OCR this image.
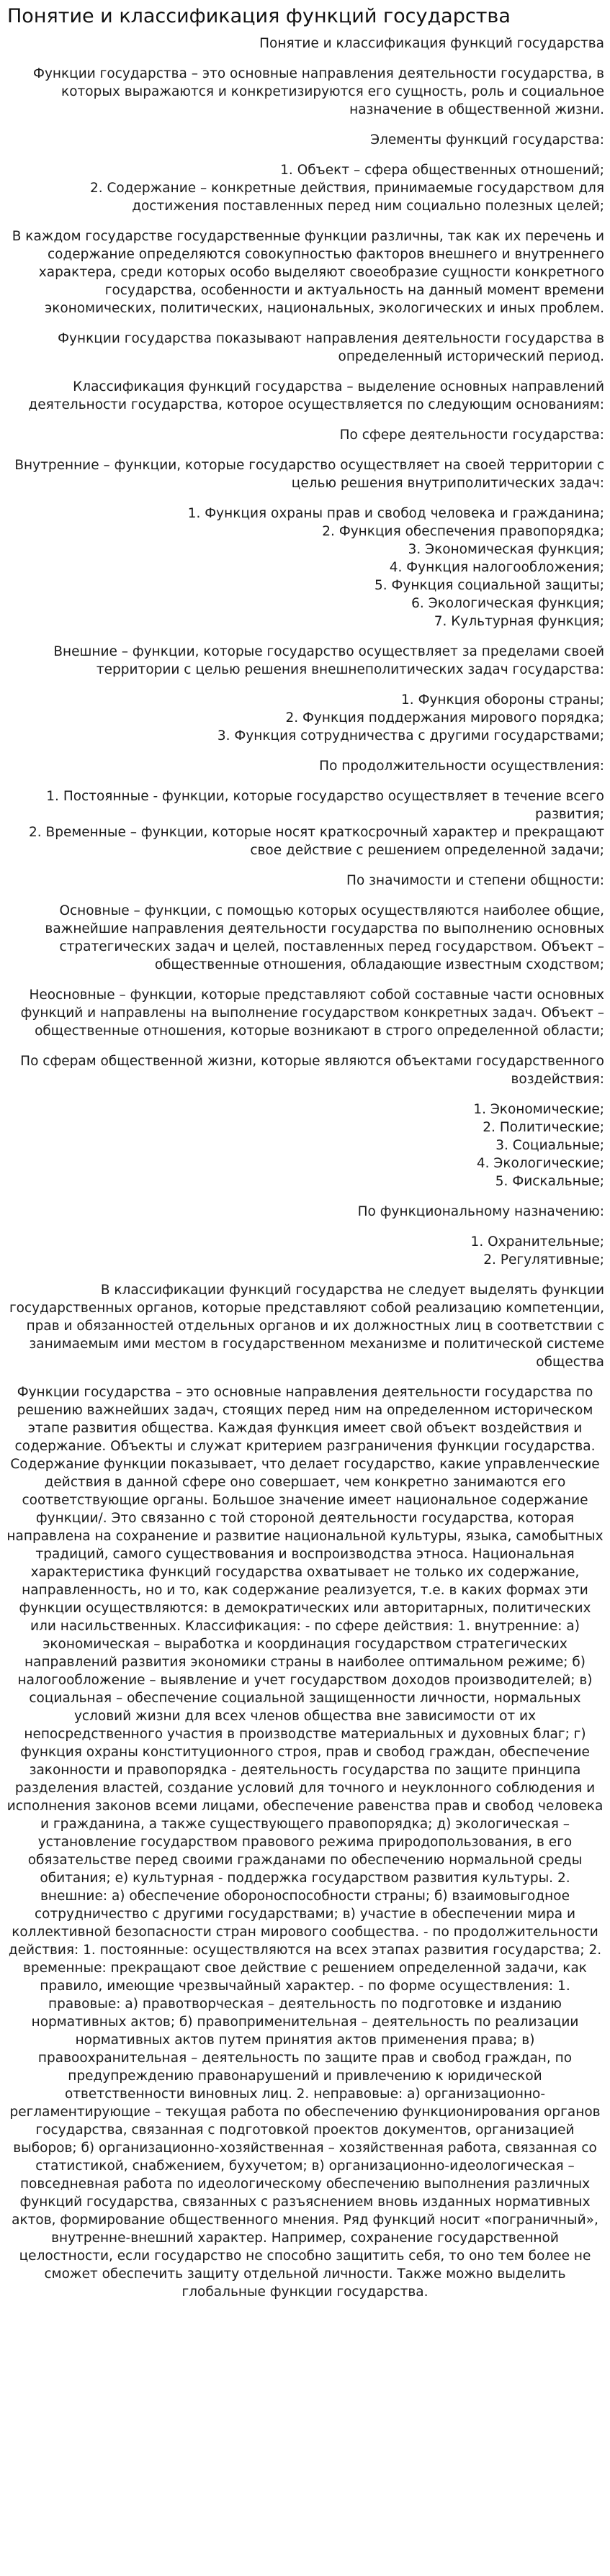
Понятие и классификация функций государства

Понятие и классификация функций государства

Функции государства – это основные направления деятельности государства, в которых выражаются и конкретизируются его сущность, роль и социальное назначение в общественной жизни.

Элементы функций государства:

1. Объект – сфера общественных отношений;

2. Содержание – конкретные действия, принимаемые государством для достижения поставленных перед ним социально полезных целей;

В каждом государстве государственные функции различны, так как их перечень и содержание определяются совокупностью факторов внешнего и внутреннего характера, среди которых особо выделяют своеобразие сущности конкретного государства, особенности и актуальность на данный момент времени экономических, политических, национальных, экологических и иных проблем.

Функции государства показывают направления деятельности государства в определенный исторический период.

Классификация функций государства – выделение основных направлений деятельности государства, которое осуществляется по следующим основаниям:

По сфере деятельности государства:

Внутренние – функции, которые государство осуществляет на своей территории с целью решения внутриполитических задач:

1. Функция охраны прав и свобод человека и гражданина;

2. Функция обеспечения правопорядка;

3. Экономическая функция;

4. Функция налогообложения;

5. Функция социальной защиты;

6. Экологическая функция;

7. Культурная функция;

Внешние – функции, которые государство осуществляет за пределами своей территории с целью решения внешнеполитических задач государства:

1. Функция обороны страны;

2. Функция поддержания мирового порядка;

3. Функция сотрудничества с другими государствами;

По продолжительности осуществления:

1. Постоянные - функции, которые государство осуществляет в течение всего развития;

2. Временные – функции, которые носят краткосрочный характер и прекращают свое действие с решением определенной задачи;

По значимости и степени общности:

Основные – функции, с помощью которых осуществляются наиболее общие, важнейшие направления деятельности государства по выполнению основных стратегических задач и целей, поставленных перед государством. Объект – общественные отношения, обладающие известным сходством;

Неосновные – функции, которые представляют собой составные части основных функций и направлены на выполнение государством конкретных задач. Объект – общественные отношения, которые возникают в строго определенной области;

По сферам общественной жизни, которые являются объектами государственного воздействия:

1. Экономические;

2. Политические;

3. Социальные;

4. Экологические;

5. Фискальные;

По функциональному назначению:

1. Охранительные;

2. Регулятивные;

В классификации функций государства не следует выделять функции государственных органов, которые представляют собой реализацию компетенции, прав и обязанностей отдельных органов и их должностных лиц в соответствии с занимаемым ими местом в государственном механизме и политической системе общества

Функции государства – это основные направления деятельности государства по решению важнейших задач, стоящих перед ним на определенном историческом этапе развития общества. Каждая функция имеет свой объект воздействия и содержание. Объекты и служат критерием разграничения функции государства. Содержание функции показывает, что делает государство, какие управленческие действия в данной сфере оно совершает, чем конкретно занимаются его соответствующие органы. Большое значение имеет национальное содержание функции/. Это связанно с той стороной деятельности государства, которая направлена на сохранение и развитие национальной культуры, языка, самобытных традиций, самого существования и воспроизводства этноса. Национальная характеристика функций государства охватывает не только их содержание, направленность, но и то, как содержание реализуется, т.е. в каких формах эти функции осуществляются: в демократических или авторитарных, политических или насильственных. Классификация: - по сфере действия: 1. внутренние: а) экономическая – выработка и координация государством стратегических направлений развития экономики страны в наиболее оптимальном режиме; б) налогообложение – выявление и учет государством доходов производителей; в) социальная – обеспечение социальной защищенности личности, нормальных условий жизни для всех членов общества вне зависимости от их непосредственного участия в производстве материальных и духовных благ; г) функция охраны конституционного строя, прав и свобод граждан, обеспечение законности и правопорядка - деятельность государства по защите принципа разделения властей, создание условий для точного и неуклонного соблюдения и исполнения законов всеми лицами, обеспечение равенства прав и свобод человека и гражданина, а также существующего правопорядка; д) экологическая – установление государством правового режима природопользования, в его обязательстве перед своими гражданами по обеспечению нормальной среды обитания; е) культурная - поддержка государством развития культуры. 2. внешние: а) обеспечение обороноспособности страны; б) взаимовыгодное сотрудничество с другими государствами; в) участие в обеспечении мира и коллективной безопасности стран мирового сообщества. - по продолжительности действия: 1. постоянные: осуществляются на всех этапах развития государства; 2. временные: прекращают свое действие с решением определенной задачи, как правило, имеющие чрезвычайный характер. - по форме осуществления: 1. правовые: а) правотворческая – деятельность по подготовке и изданию нормативных актов; б) правоприменительная – деятельность по реализации нормативных актов путем принятия актов применения права; в) правоохранительная – деятельность по защите прав и свобод граждан, по предупреждению правонарушений и привлечению к юридической ответственности виновных лиц. 2. неправовые: а) организационно-регламентирующие – текущая работа по обеспечению функционирования органов государства, связанная с подготовкой проектов документов, организацией выборов; б) организационно-хозяйственная – хозяйственная работа, связанная со статистикой, снабжением, бухучетом; в) организационно-идеологическая – повседневная работа по идеологическому обеспечению выполнения различных функций государства, связанных с разъяснением вновь изданных нормативных актов, формирование общественного мнения. Ряд функций носит «пограничный», внутренне-внешний характер. Например, сохранение государственной целостности, если государство не способно защитить себя, то оно тем более не сможет обеспечить защиту отдельной личности. Также можно выделить глобальные функции государства.
